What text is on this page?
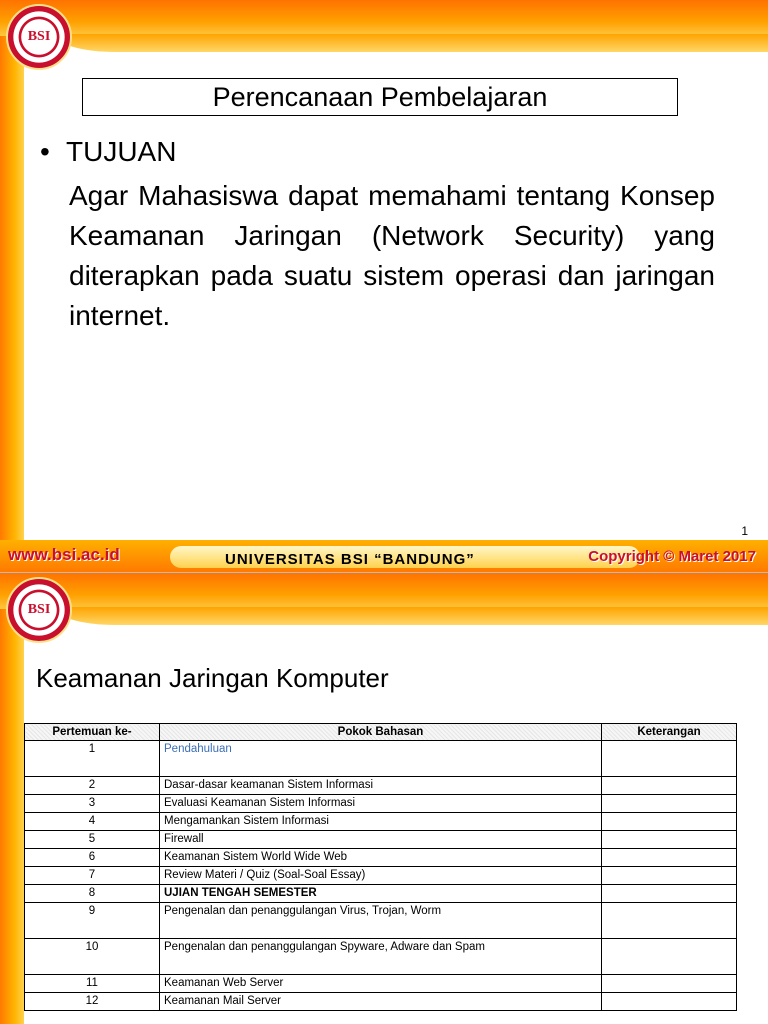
BSI
Perencanaan Pembelajaran
• TUJUAN
Agar Mahasiswa dapat memahami tentang Konsep Keamanan Jaringan (Network Security) yang diterapkan pada suatu sistem operasi dan jaringan internet.
1
www.bsi.ac.id	UNIVERSITAS BSI “BANDUNG”	Copyright © Maret 2017
BSI
Keamanan Jaringan Komputer
Pertemuan ke-	Pokok Bahasan	Keterangan
1	Pendahuluan	
2	Dasar-dasar keamanan Sistem Informasi	
3	Evaluasi Keamanan Sistem Informasi	
4	Mengamankan Sistem Informasi	
5	Firewall	
6	Keamanan Sistem World Wide Web	
7	Review Materi / Quiz (Soal-Soal Essay)	
8	UJIAN TENGAH SEMESTER	
9	Pengenalan dan penanggulangan Virus, Trojan, Worm	
10	Pengenalan dan penanggulangan Spyware, Adware dan Spam	
11	Keamanan Web Server	
12	Keamanan Mail Server	
